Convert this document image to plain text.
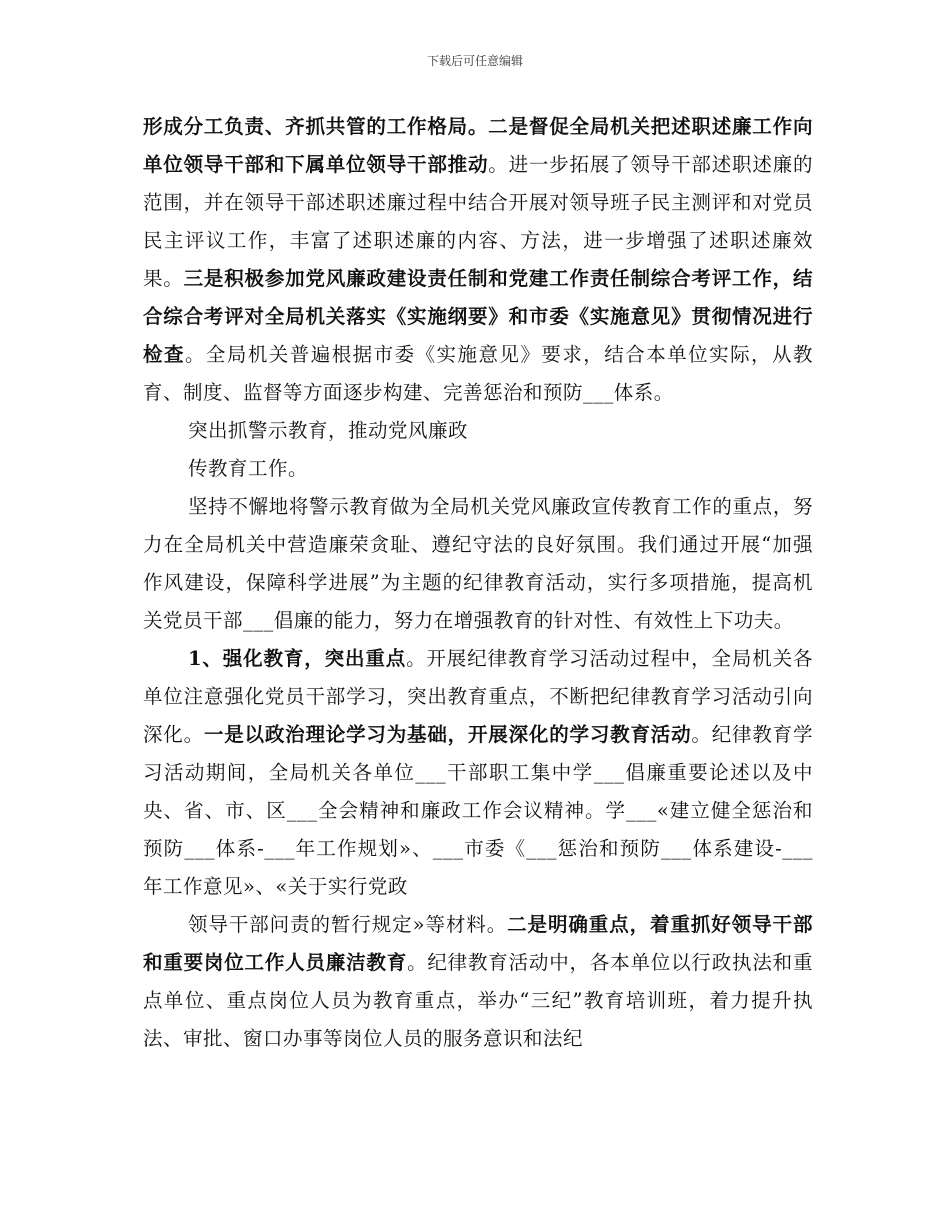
下载后可任意编辑

形成分工负责、齐抓共管的工作格局。二是督促全局机关把述职述廉工作向单位领导干部和下属单位领导干部推动。进一步拓展了领导干部述职述廉的范围，并在领导干部述职述廉过程中结合开展对领导班子民主测评和对党员民主评议工作，丰富了述职述廉的内容、方法，进一步增强了述职述廉效果。三是积极参加党风廉政建设责任制和党建工作责任制综合考评工作，结合综合考评对全局机关落实《实施纲要》和市委《实施意见》贯彻情况进行检查。全局机关普遍根据市委《实施意见》要求，结合本单位实际，从教育、制度、监督等方面逐步构建、完善惩治和预防___体系。

突出抓警示教育，推动党风廉政

传教育工作。

坚持不懈地将警示教育做为全局机关党风廉政宣传教育工作的重点，努力在全局机关中营造廉荣贪耻、遵纪守法的良好氛围。我们通过开展“加强作风建设，保障科学进展”为主题的纪律教育活动，实行多项措施，提高机关党员干部___倡廉的能力，努力在增强教育的针对性、有效性上下功夫。

1、强化教育，突出重点。开展纪律教育学习活动过程中，全局机关各单位注意强化党员干部学习，突出教育重点，不断把纪律教育学习活动引向深化。一是以政治理论学习为基础，开展深化的学习教育活动。纪律教育学习活动期间，全局机关各单位___干部职工集中学___倡廉重要论述以及中央、省、市、区___全会精神和廉政工作会议精神。学___«建立健全惩治和预防___体系-___年工作规划»、___市委《___惩治和预防___体系建设-___年工作意见»、«关于实行党政

领导干部问责的暂行规定»等材料。二是明确重点，着重抓好领导干部和重要岗位工作人员廉洁教育。纪律教育活动中，各本单位以行政执法和重点单位、重点岗位人员为教育重点，举办“三纪”教育培训班，着力提升执法、审批、窗口办事等岗位人员的服务意识和法纪
